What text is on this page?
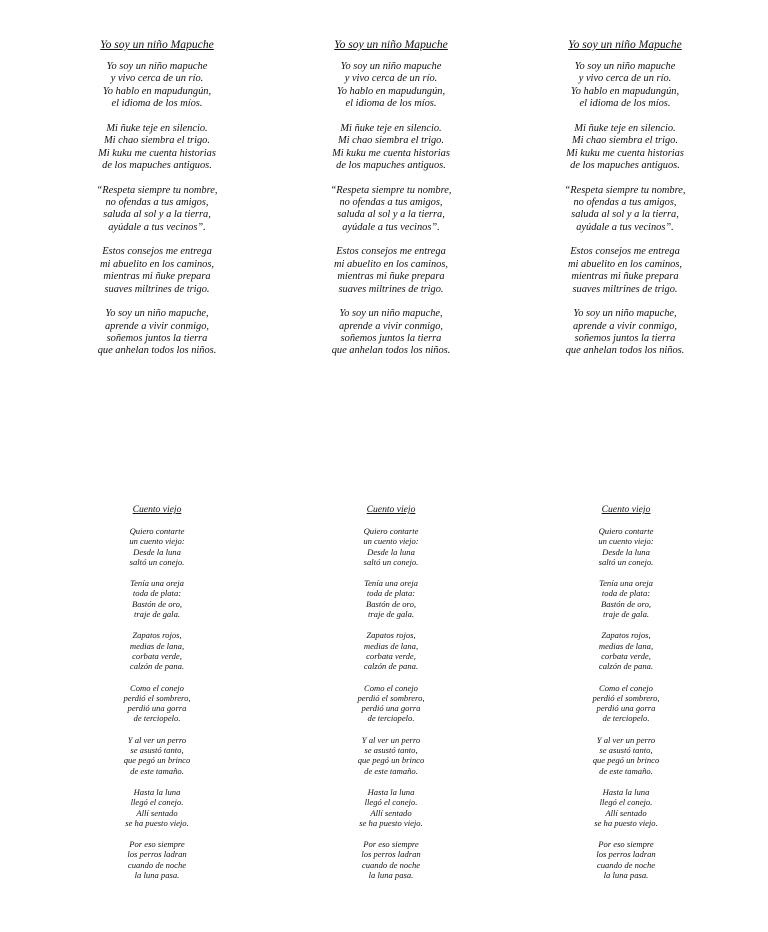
Yo soy un niño Mapuche
Yo soy un niño mapuche
y vivo cerca de un río.
Yo hablo en mapudungún,
el idioma de los míos.
Mi ñuke teje en silencio.
Mi chao siembra el trigo.
Mi kuku me cuenta historias
de los mapuches antiguos.
“Respeta siempre tu nombre,
no ofendas a tus amigos,
saluda al sol y a la tierra,
ayúdale a tus vecinos”.
Estos consejos me entrega
mi abuelito en los caminos,
mientras mi ñuke prepara
suaves miltrines de trigo.
Yo soy un niño mapuche,
aprende a vivir conmigo,
soñemos juntos la tierra
que anhelan todos los niños.
Yo soy un niño Mapuche
Yo soy un niño mapuche
y vivo cerca de un río.
Yo hablo en mapudungún,
el idioma de los míos.
Mi ñuke teje en silencio.
Mi chao siembra el trigo.
Mi kuku me cuenta historias
de los mapuches antiguos.
“Respeta siempre tu nombre,
no ofendas a tus amigos,
saluda al sol y a la tierra,
ayúdale a tus vecinos”.
Estos consejos me entrega
mi abuelito en los caminos,
mientras mi ñuke prepara
suaves miltrines de trigo.
Yo soy un niño mapuche,
aprende a vivir conmigo,
soñemos juntos la tierra
que anhelan todos los niños.
Yo soy un niño Mapuche
Yo soy un niño mapuche
y vivo cerca de un río.
Yo hablo en mapudungún,
el idioma de los míos.
Mi ñuke teje en silencio.
Mi chao siembra el trigo.
Mi kuku me cuenta historias
de los mapuches antiguos.
“Respeta siempre tu nombre,
no ofendas a tus amigos,
saluda al sol y a la tierra,
ayúdale a tus vecinos”.
Estos consejos me entrega
mi abuelito en los caminos,
mientras mi ñuke prepara
suaves miltrines de trigo.
Yo soy un niño mapuche,
aprende a vivir conmigo,
soñemos juntos la tierra
que anhelan todos los niños.
Cuento viejo
Quiero contarte
un cuento viejo:
Desde la luna
saltó un conejo.
Tenía una oreja
toda de plata:
Bastón de oro,
traje de gala.
Zapatos rojos,
medias de lana,
corbata verde,
calzón de pana.
Como el conejo
perdió el sombrero,
perdió una gorra
de terciopelo.
Y al ver un perro
se asustó tanto,
que pegó un brinco
de este tamaño.
Hasta la luna
llegó el conejo.
Allí sentado
se ha puesto viejo.
Por eso siempre
los perros ladran
cuando de noche
la luna pasa.
Cuento viejo
Quiero contarte
un cuento viejo:
Desde la luna
saltó un conejo.
Tenía una oreja
toda de plata:
Bastón de oro,
traje de gala.
Zapatos rojos,
medias de lana,
corbata verde,
calzón de pana.
Como el conejo
perdió el sombrero,
perdió una gorra
de terciopelo.
Y al ver un perro
se asustó tanto,
que pegó un brinco
de este tamaño.
Hasta la luna
llegó el conejo.
Allí sentado
se ha puesto viejo.
Por eso siempre
los perros ladran
cuando de noche
la luna pasa.
Cuento viejo
Quiero contarte
un cuento viejo:
Desde la luna
saltó un conejo.
Tenía una oreja
toda de plata:
Bastón de oro,
traje de gala.
Zapatos rojos,
medias de lana,
corbata verde,
calzón de pana.
Como el conejo
perdió el sombrero,
perdió una gorra
de terciopelo.
Y al ver un perro
se asustó tanto,
que pegó un brinco
de este tamaño.
Hasta la luna
llegó el conejo.
Allí sentado
se ha puesto viejo.
Por eso siempre
los perros ladran
cuando de noche
la luna pasa.
